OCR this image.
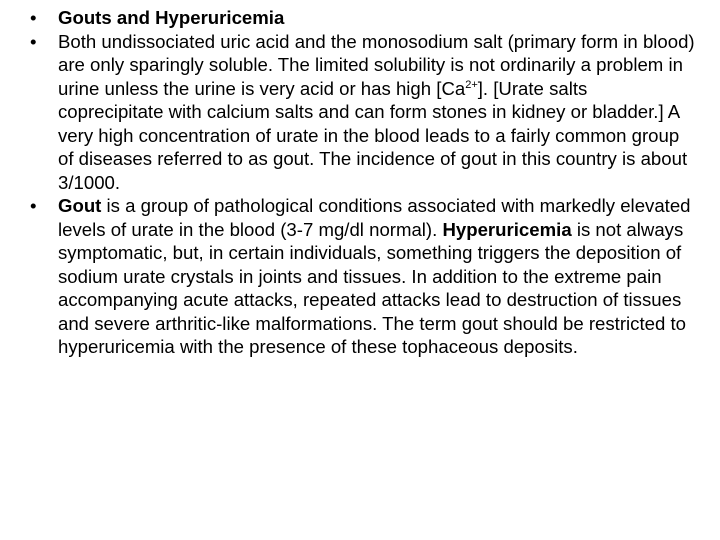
• Gouts and Hyperuricemia
• Both undissociated uric acid and the monosodium salt (primary form in blood) are only sparingly soluble. The limited solubility is not ordinarily a problem in urine unless the urine is very acid or has high $[Ca^{2+}]$. [Urate salts coprecipitate with calcium salts and can form stones in kidney or bladder.] A very high concentration of urate in the blood leads to a fairly common group of diseases referred to as gout. The incidence of gout in this country is about 3/1000.
• Gout is a group of pathological conditions associated with markedly elevated levels of urate in the blood (3-7 mg/dl normal). Hyperuricemia is not always symptomatic, but, in certain individuals, something triggers the deposition of sodium urate crystals in joints and tissues. In addition to the extreme pain accompanying acute attacks, repeated attacks lead to destruction of tissues and severe arthritic-like malformations. The term gout should be restricted to hyperuricemia with the presence of these tophaceous deposits.
